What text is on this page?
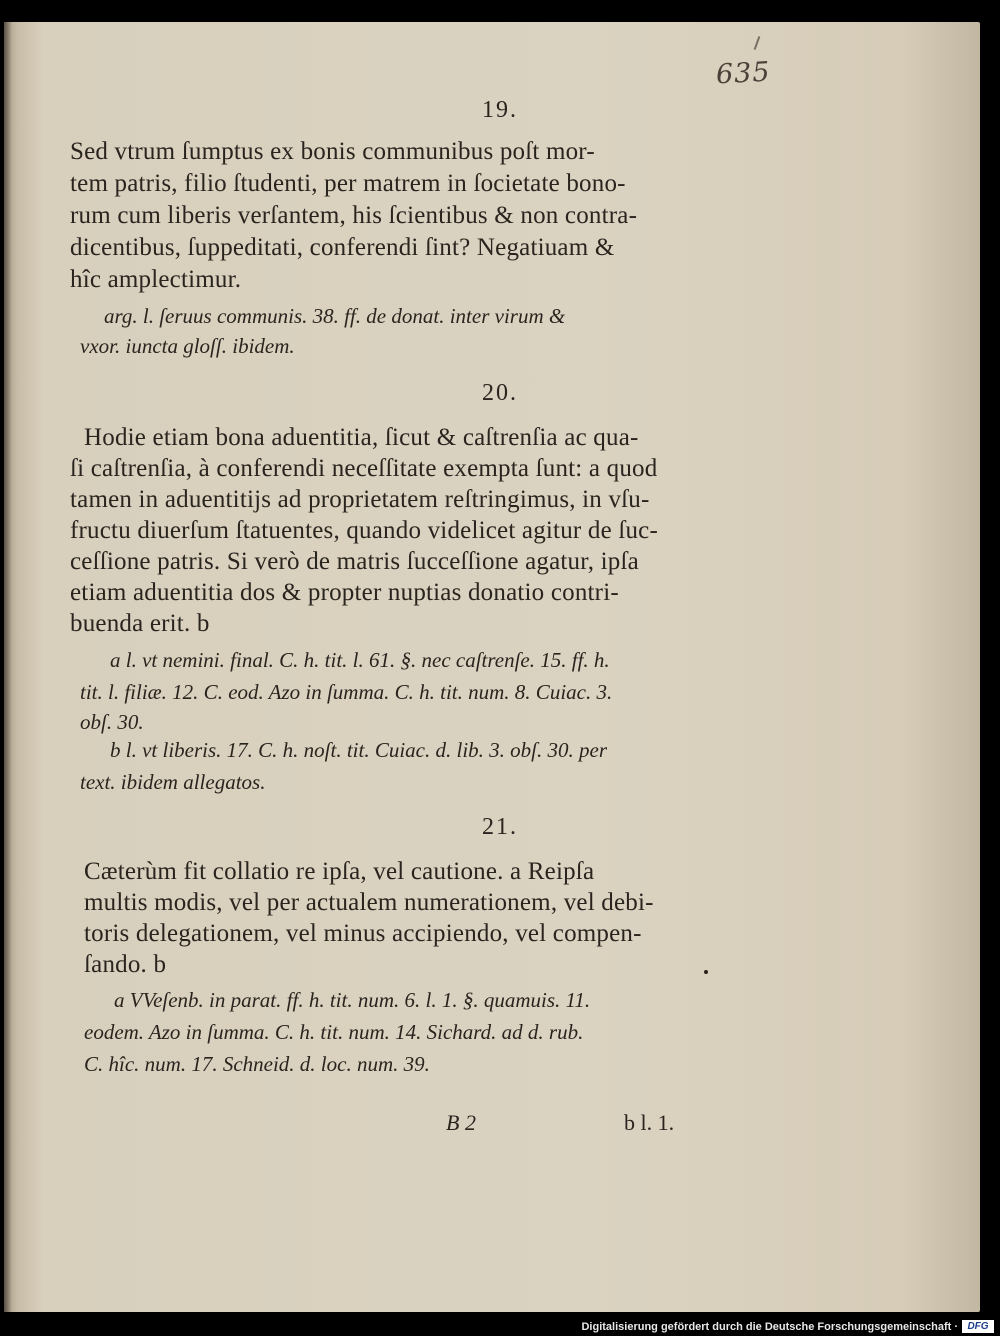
635
19.
Sed vtrum ſumptus ex bonis communibus poſt mor-
tem patris, filio ſtudenti, per matrem in ſocietate bono-
rum cum liberis verſantem, his ſcientibus & non contra-
dicentibus, ſuppeditati, conferendi ſint? Negatiuam &
hîc amplectimur.
arg. l. ſeruus communis. 38. ff. de donat. inter virum &
vxor. iuncta gloſſ. ibidem.
20.
Hodie etiam bona aduentitia, ſicut & caſtrenſia ac qua-
ſi caſtrenſia, à conferendi neceſſitate exempta ſunt: a quod
tamen in aduentitijs ad proprietatem reſtringimus, in vſu-
fructu diuerſum ſtatuentes, quando videlicet agitur de ſuc-
ceſſione patris. Si verò de matris ſucceſſione agatur, ipſa
etiam aduentitia dos & propter nuptias donatio contri-
buenda erit. b
a l. vt nemini. final. C. h. tit. l. 61. §. nec caſtrenſe. 15. ff. h.
tit. l. filiæ. 12. C. eod. Azo in ſumma. C. h. tit. num. 8. Cuiac. 3.
obſ. 30.
b l. vt liberis. 17. C. h. noſt. tit. Cuiac. d. lib. 3. obſ. 30. per
text. ibidem allegatos.
21.
Cæterùm fit collatio re ipſa, vel cautione. a Reipſa
multis modis, vel per actualem numerationem, vel debi-
toris delegationem, vel minus accipiendo, vel compen-
ſando. b
a VVeſenb. in parat. ff. h. tit. num. 6. l. 1. §. quamuis. 11.
eodem. Azo in ſumma. C. h. tit. num. 14. Sichard. ad d. rub.
C. hîc. num. 17. Schneid. d. loc. num. 39.
B 2	b l. 1.
Digitalisierung gefördert durch die Deutsche Forschungsgemeinschaft · DFG
